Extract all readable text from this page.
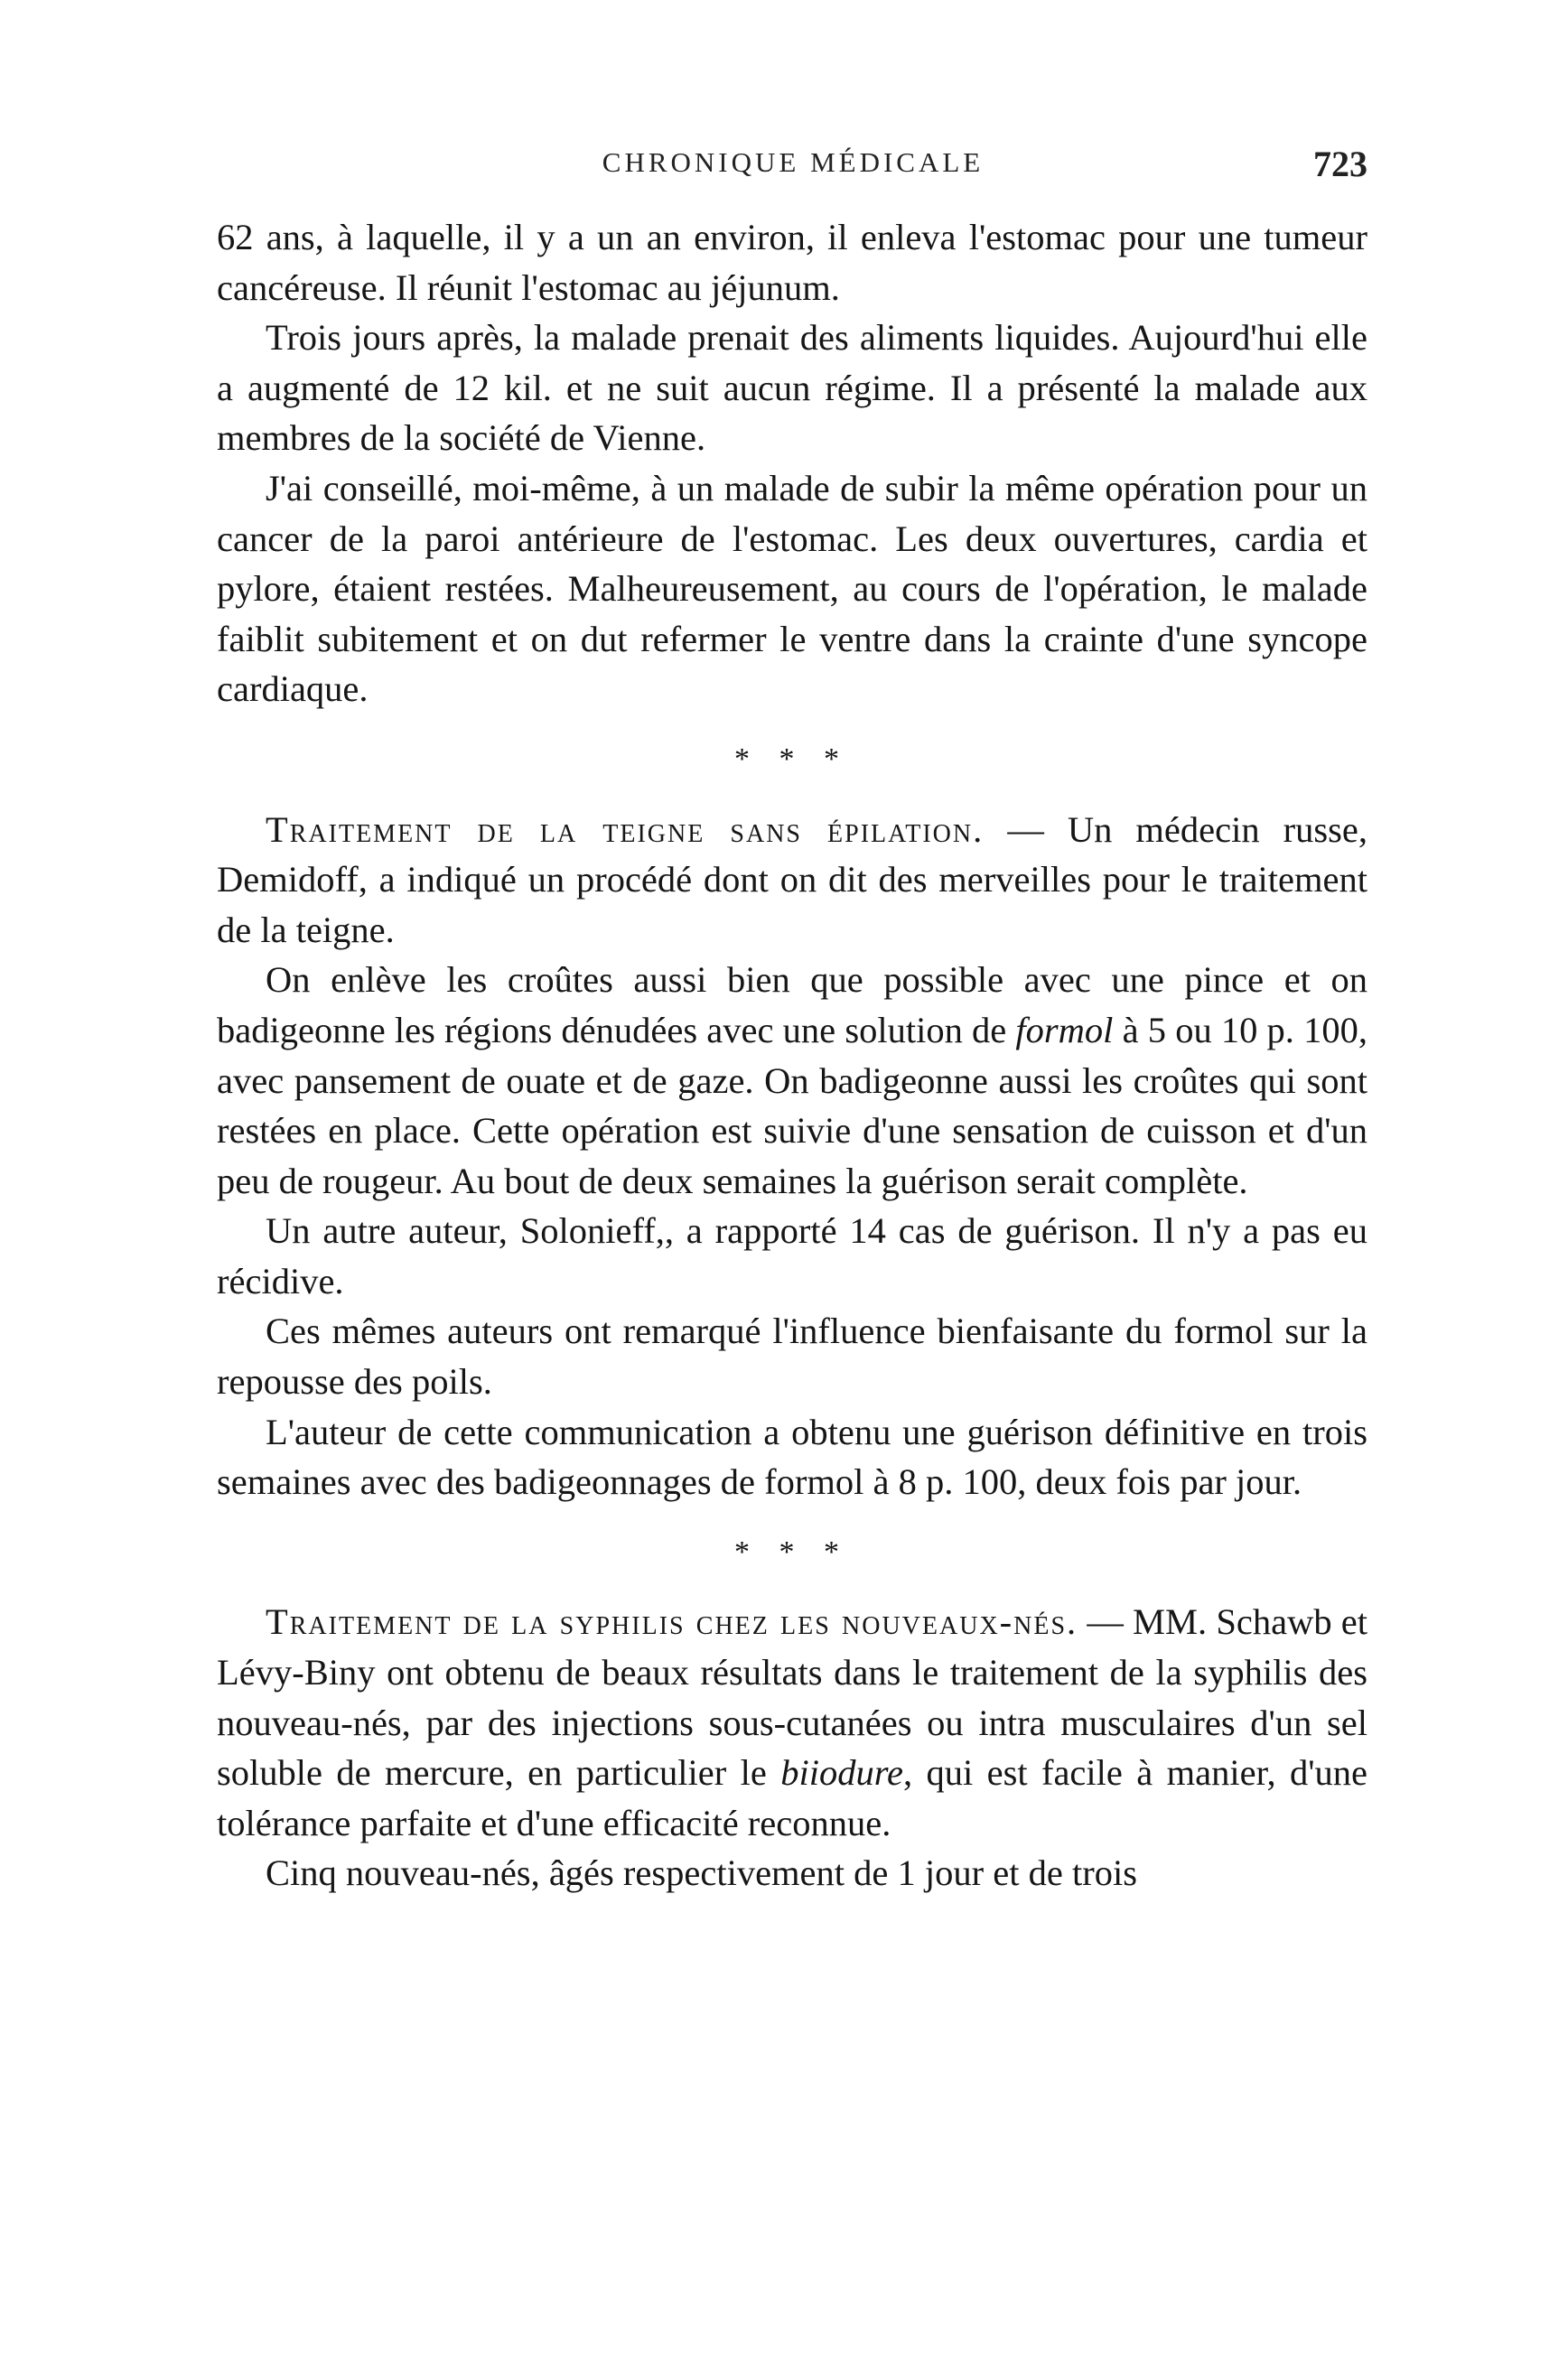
CHRONIQUE MÉDICALE	723

62 ans, à laquelle, il y a un an environ, il enleva l'estomac pour une tumeur cancéreuse. Il réunit l'estomac au jéjunum.

Trois jours après, la malade prenait des aliments liquides. Aujourd'hui elle a augmenté de 12 kil. et ne suit aucun régime. Il a présenté la malade aux membres de la société de Vienne.

J'ai conseillé, moi-même, à un malade de subir la même opération pour un cancer de la paroi antérieure de l'estomac. Les deux ouvertures, cardia et pylore, étaient restées. Malheureusement, au cours de l'opération, le malade faiblit subitement et on dut refermer le ventre dans la crainte d'une syncope cardiaque.

* * *

Traitement de la teigne sans épilation. — Un médecin russe, Demidoff, a indiqué un procédé dont on dit des merveilles pour le traitement de la teigne.

On enlève les croûtes aussi bien que possible avec une pince et on badigeonne les régions dénudées avec une solution de formol à 5 ou 10 p. 100, avec pansement de ouate et de gaze. On badigeonne aussi les croûtes qui sont restées en place. Cette opération est suivie d'une sensation de cuisson et d'un peu de rougeur. Au bout de deux semaines la guérison serait complète.

Un autre auteur, Solonieff,, a rapporté 14 cas de guérison. Il n'y a pas eu récidive.

Ces mêmes auteurs ont remarqué l'influence bienfaisante du formol sur la repousse des poils.

L'auteur de cette communication a obtenu une guérison définitive en trois semaines avec des badigeonnages de formol à 8 p. 100, deux fois par jour.

* * *

Traitement de la syphilis chez les nouveaux-nés. — MM. Schawb et Lévy-Biny ont obtenu de beaux résultats dans le traitement de la syphilis des nouveau-nés, par des injections sous-cutanées ou intra musculaires d'un sel soluble de mercure, en particulier le biiodure, qui est facile à manier, d'une tolérance parfaite et d'une efficacité reconnue.

Cinq nouveau-nés, âgés respectivement de 1 jour et de trois
